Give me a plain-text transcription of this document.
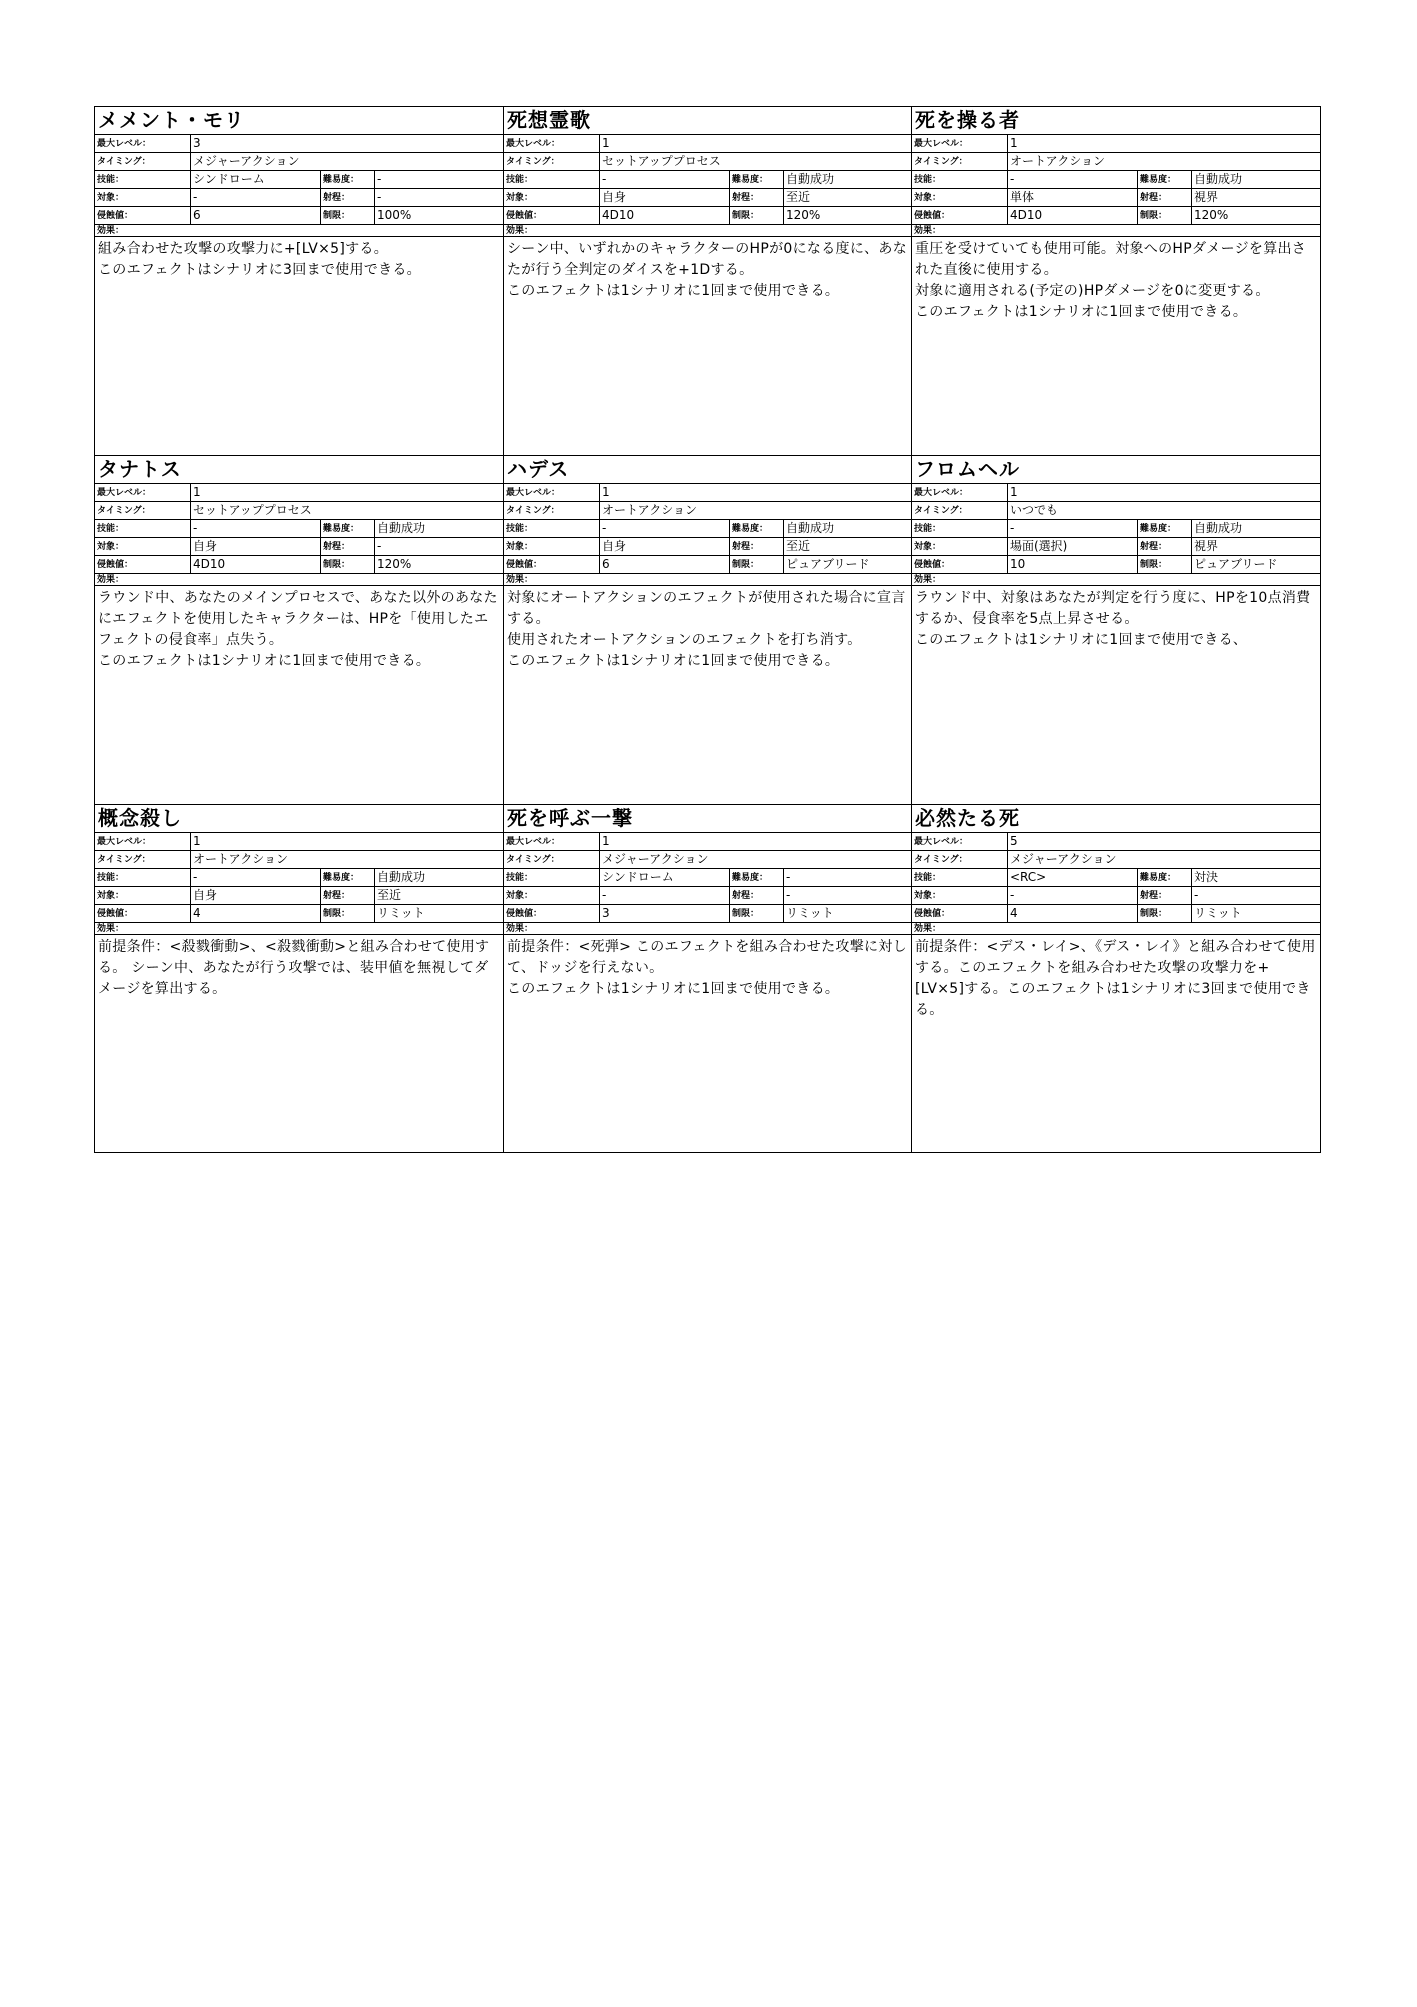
メメント・モリ
最大レベル：	3
タイミング：	メジャーアクション
技能：	シンドローム	難易度：	-
対象：	-	射程：	-
侵蝕値：	6	制限：	100%
効果：
組み合わせた攻撃の攻撃力に+[LV×5]する。
このエフェクトはシナリオに3回まで使用できる。
死想霊歌
最大レベル：	1
タイミング：	セットアッププロセス
技能：	-	難易度：	自動成功
対象：	自身	射程：	至近
侵蝕値：	4D10	制限：	120%
効果：
シーン中、いずれかのキャラクターのHPが0になる度に、あなたが行う全判定のダイスを+1Dする。
このエフェクトは1シナリオに1回まで使用できる。
死を操る者
最大レベル：	1
タイミング：	オートアクション
技能：	-	難易度：	自動成功
対象：	単体	射程：	視界
侵蝕値：	4D10	制限：	120%
効果：
重圧を受けていても使用可能。対象へのHPダメージを算出された直後に使用する。
対象に適用される(予定の)HPダメージを0に変更する。
このエフェクトは1シナリオに1回まで使用できる。
タナトス
最大レベル：	1
タイミング：	セットアッププロセス
技能：	-	難易度：	自動成功
対象：	自身	射程：	-
侵蝕値：	4D10	制限：	120%
効果：
ラウンド中、あなたのメインプロセスで、あなた以外のあなたにエフェクトを使用したキャラクターは、HPを「使用したエフェクトの侵食率」点失う。
このエフェクトは1シナリオに1回まで使用できる。
ハデス
最大レベル：	1
タイミング：	オートアクション
技能：	-	難易度：	自動成功
対象：	自身	射程：	至近
侵蝕値：	6	制限：	ピュアブリード
効果：
対象にオートアクションのエフェクトが使用された場合に宣言する。
使用されたオートアクションのエフェクトを打ち消す。
このエフェクトは1シナリオに1回まで使用できる。
フロムヘル
最大レベル：	1
タイミング：	いつでも
技能：	-	難易度：	自動成功
対象：	場面(選択)	射程：	視界
侵蝕値：	10	制限：	ピュアブリード
効果：
ラウンド中、対象はあなたが判定を行う度に、HPを10点消費するか、侵食率を5点上昇させる。
このエフェクトは1シナリオに1回まで使用できる、
概念殺し
最大レベル：	1
タイミング：	オートアクション
技能：	-	難易度：	自動成功
対象：	自身	射程：	至近
侵蝕値：	4	制限：	リミット
効果：
前提条件：<殺戮衝動>、<殺戮衝動>と組み合わせて使用する。 シーン中、あなたが行う攻撃では、装甲値を無視してダメージを算出する。
死を呼ぶ一撃
最大レベル：	1
タイミング：	メジャーアクション
技能：	シンドローム	難易度：	-
対象：	-	射程：	-
侵蝕値：	3	制限：	リミット
効果：
前提条件：<死弾> このエフェクトを組み合わせた攻撃に対して、ドッジを行えない。
このエフェクトは1シナリオに1回まで使用できる。
必然たる死
最大レベル：	5
タイミング：	メジャーアクション
技能：	<RC>	難易度：	対決
対象：	-	射程：	-
侵蝕値：	4	制限：	リミット
効果：
前提条件：<デス・レイ>、《デス・レイ》と組み合わせて使用する。このエフェクトを組み合わせた攻撃の攻撃力を+[LV×5]する。このエフェクトは1シナリオに3回まで使用できる。
